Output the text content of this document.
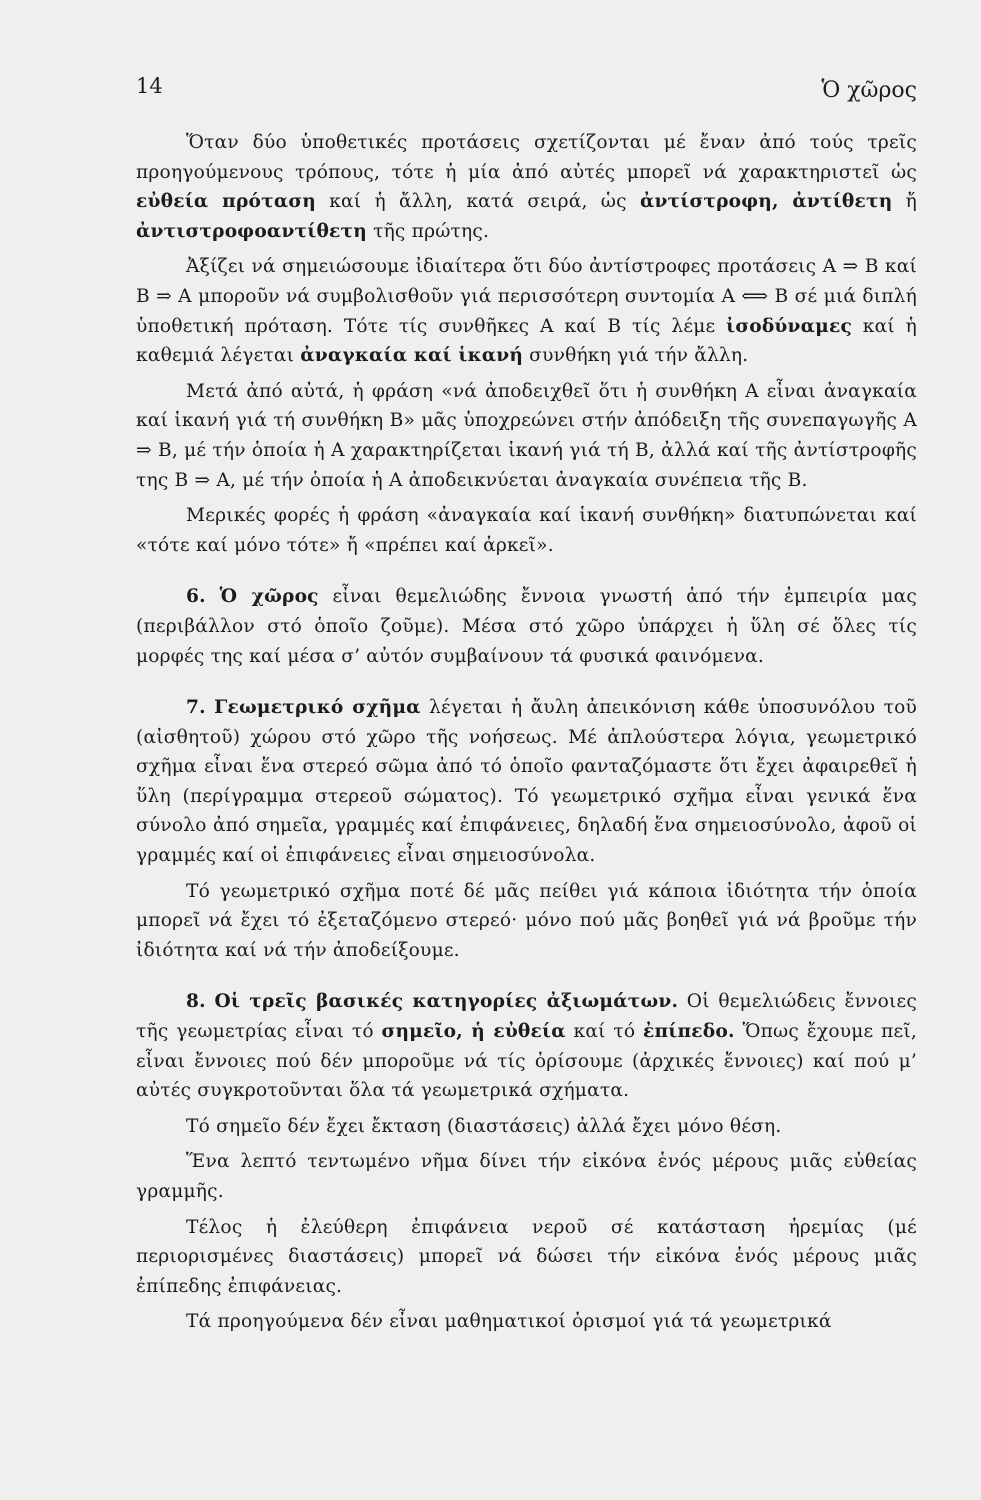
14	Ὁ χῶρος

Ὅταν δύο ὑποθετικές προτάσεις σχετίζονται μέ ἔναν ἀπό τούς τρεῖς προηγούμενους τρόπους, τότε ἡ μία ἀπό αὐτές μπορεῖ νά χαρακτηριστεῖ ὡς εὐθεία πρόταση καί ἡ ἄλλη, κατά σειρά, ὡς ἀντίστροφη, ἀντίθετη ἤ ἀντιστροφοαντίθετη τῆς πρώτης.

Ἀξίζει νά σημειώσουμε ἰδιαίτερα ὅτι δύο ἀντίστροφες προτάσεις Α ⇒ Β καί Β ⇒ Α μποροῦν νά συμβολισθοῦν γιά περισσότερη συντομία Α ⟺ Β σέ μιά διπλή ὑποθετική πρόταση. Τότε τίς συνθῆκες Α καί Β τίς λέμε ἰσοδύναμες καί ἡ καθεμιά λέγεται ἀναγκαία καί ἱκανή συνθήκη γιά τήν ἄλλη.

Μετά ἀπό αὐτά, ἡ φράση «νά ἀποδειχθεῖ ὅτι ἡ συνθήκη Α εἶναι ἀναγκαία καί ἱκανή γιά τή συνθήκη Β» μᾶς ὑποχρεώνει στήν ἀπόδειξη τῆς συνεπαγωγῆς Α ⇒ Β, μέ τήν ὁποία ἡ Α χαρακτηρίζεται ἱκανή γιά τή Β, ἀλλά καί τῆς ἀντίστροφῆς της Β ⇒ Α, μέ τήν ὁποία ἡ Α ἀποδεικνύεται ἀναγκαία συνέπεια τῆς Β.

Μερικές φορές ἡ φράση «ἀναγκαία καί ἱκανή συνθήκη» διατυπώνεται καί «τότε καί μόνο τότε» ἤ «πρέπει καί ἀρκεῖ».

6. Ὁ χῶρος εἶναι θεμελιώδης ἔννοια γνωστή ἀπό τήν ἐμπειρία μας (περιβάλλον στό ὁποῖο ζοῦμε). Μέσα στό χῶρο ὑπάρχει ἡ ὕλη σέ ὅλες τίς μορφές της καί μέσα σ’ αὐτόν συμβαίνουν τά φυσικά φαινόμενα.

7. Γεωμετρικό σχῆμα λέγεται ἡ ἄυλη ἀπεικόνιση κάθε ὑποσυνόλου τοῦ (αἰσθητοῦ) χώρου στό χῶρο τῆς νοήσεως. Μέ ἁπλούστερα λόγια, γεωμετρικό σχῆμα εἶναι ἕνα στερεό σῶμα ἀπό τό ὁποῖο φανταζόμαστε ὅτι ἔχει ἀφαιρεθεῖ ἡ ὕλη (περίγραμμα στερεοῦ σώματος). Τό γεωμετρικό σχῆμα εἶναι γενικά ἕνα σύνολο ἀπό σημεῖα, γραμμές καί ἐπιφάνειες, δηλαδή ἕνα σημειοσύνολο, ἀφοῦ οἱ γραμμές καί οἱ ἐπιφάνειες εἶναι σημειοσύνολα.

Τό γεωμετρικό σχῆμα ποτέ δέ μᾶς πείθει γιά κάποια ἰδιότητα τήν ὁποία μπορεῖ νά ἔχει τό ἐξεταζόμενο στερεό· μόνο πού μᾶς βοηθεῖ γιά νά βροῦμε τήν ἰδιότητα καί νά τήν ἀποδείξουμε.

8. Οἱ τρεῖς βασικές κατηγορίες ἀξιωμάτων. Οἱ θεμελιώδεις ἔννοιες τῆς γεωμετρίας εἶναι τό σημεῖο, ἡ εὐθεία καί τό ἐπίπεδο. Ὅπως ἔχουμε πεῖ, εἶναι ἔννοιες πού δέν μποροῦμε νά τίς ὁρίσουμε (ἀρχικές ἔννοιες) καί πού μ’ αὐτές συγκροτοῦνται ὅλα τά γεωμετρικά σχήματα.

Τό σημεῖο δέν ἔχει ἔκταση (διαστάσεις) ἀλλά ἔχει μόνο θέση.

Ἕνα λεπτό τεντωμένο νῆμα δίνει τήν εἰκόνα ἑνός μέρους μιᾶς εὐθείας γραμμῆς.

Τέλος ἡ ἐλεύθερη ἐπιφάνεια νεροῦ σέ κατάσταση ἠρεμίας (μέ περιορισμένες διαστάσεις) μπορεῖ νά δώσει τήν εἰκόνα ἑνός μέρους μιᾶς ἐπίπεδης ἐπιφάνειας.

Τά προηγούμενα δέν εἶναι μαθηματικοί ὁρισμοί γιά τά γεωμετρικά
